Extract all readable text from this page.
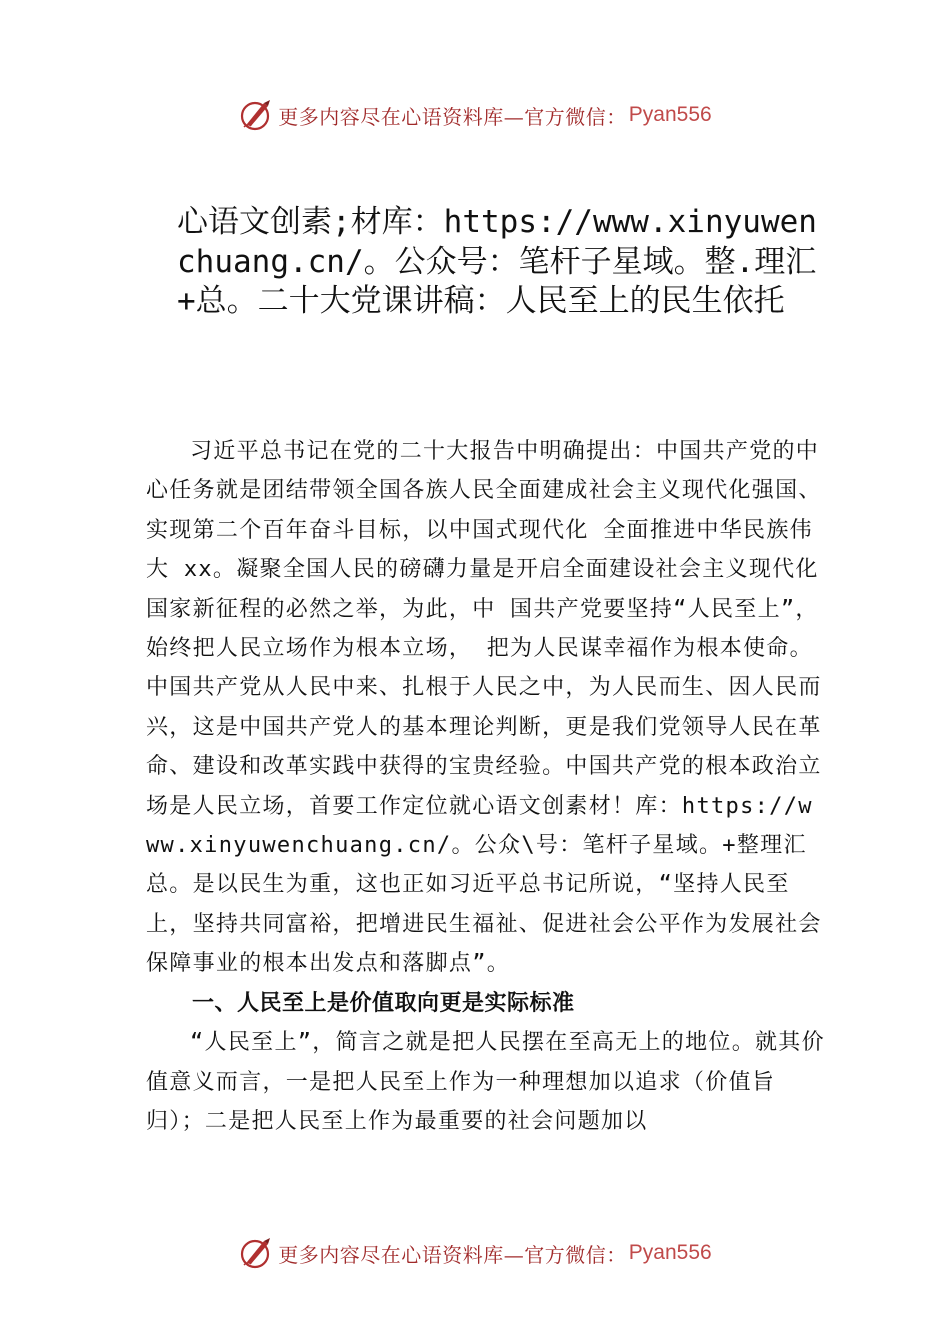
更多内容尽在心语资料库—官方微信： Pyan556
心语文创素;材库：https://www.xinyuwenchuang.cn/。公众号：笔杆子星域。整.理汇+总。二十大党课讲稿：人民至上的民生依托

习近平总书记在党的二十大报告中明确提出：中国共产党的中心任务就是团结带领全国各族人民全面建成社会主义现代化强国、实现第二个百年奋斗目标，以中国式现代化 全面推进中华民族伟大 xx。凝聚全国人民的磅礴力量是开启全面建设社会主义现代化国家新征程的必然之举，为此，中 国共产党要坚持“人民至上”，始终把人民立场作为根本立场， 把为人民谋幸福作为根本使命。中国共产党从人民中来、扎根于人民之中，为人民而生、因人民而兴，这是中国共产党人的基本理论判断，更是我们党领导人民在革命、建设和改革实践中获得的宝贵经验。中国共产党的根本政治立场是人民立场，首要工作定位就心语文创素材！库：https://www.xinyuwenchuang.cn/。公众\号：笔杆子星域。+整理汇总。是以民生为重，这也正如习近平总书记所说，“坚持人民至上，坚持共同富裕，把增进民生福祉、促进社会公平作为发展社会保障事业的根本出发点和落脚点”。

一、人民至上是价值取向更是实际标准

“人民至上”，简言之就是把人民摆在至高无上的地位。就其价值意义而言，一是把人民至上作为一种理想加以追求（价值旨归）；二是把人民至上作为最重要的社会问题加以

更多内容尽在心语资料库—官方微信： Pyan556
